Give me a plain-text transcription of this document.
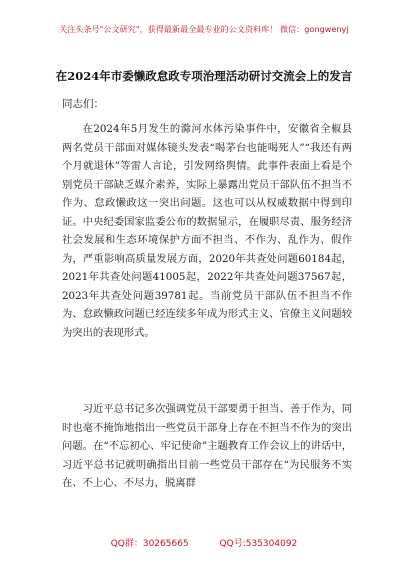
关注头条号"公文研究"，获得最新最全最专业的公文资料库！ 微信：gongwenyj
在2024年市委懒政怠政专项治理活动研讨交流会上的发言
同志们：

在2024年5月发生的滁河水体污染事件中，安徽省全椒县两名党员干部面对媒体镜头发表“喝茅台也能喝死人”“我还有两个月就退休”等雷人言论，引发网络舆情。此事件表面上看是个别党员干部缺乏媒介素养，实际上暴露出党员干部队伍不担当不作为、怠政懒政这一突出问题。这也可以从权威数据中得到印证。中央纪委国家监委公布的数据显示，在履职尽责、服务经济社会发展和生态环境保护方面不担当、不作为、乱作为、假作为，严重影响高质量发展方面，2020年共查处问题60184起，2021年共查处问题41005起，2022年共查处问题37567起，2023年共查处问题39781起。当前党员干部队伍不担当不作为、怠政懒政问题已经连续多年成为形式主义、官僚主义问题较为突出的表现形式。

习近平总书记多次强调党员干部要勇于担当、善于作为，同时也毫不掩饰地指出一些党员干部身上存在不担当不作为的突出问题。在“不忘初心、牢记使命”主题教育工作会议上的讲话中，习近平总书记就明确指出目前一些党员干部存在“为民服务不实在、不上心、不尽力，脱离群

QQ群：30265665	QQ号:535304092
